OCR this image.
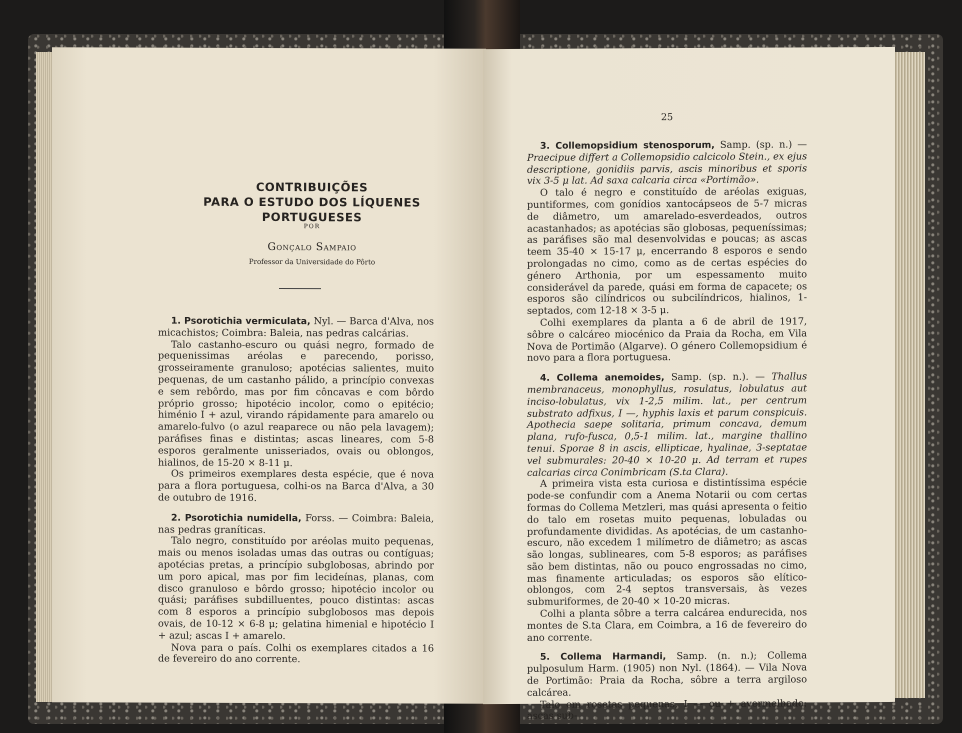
CONTRIBUIÇÕES
PARA O ESTUDO DOS LÍQUENES PORTUGUESES
POR
Gonçalo Sampaio
Professor da Universidade do Pôrto

1. Psorotichia vermiculata, Nyl. — Barca d'Alva, nos micachistos; Coimbra: Baleia, nas pedras calcárias.

Talo castanho-escuro ou quási negro, formado de pequenissimas aréolas e parecendo, porisso, grosseiramente granuloso; apotécias salientes, muito pequenas, de um castanho pálido, a princípio convexas e sem rebôrdo, mas por fim côncavas e com bôrdo próprio grosso; hipotécio incolor, como o epitécio; himénio I + azul, virando rápidamente para amarelo ou amarelo-fulvo (o azul reaparece ou não pela lavagem); paráfises finas e distintas; ascas lineares, com 5-8 esporos geralmente unisseriados, ovais ou oblongos, hialinos, de 15-20 × 8-11 μ.

Os primeiros exemplares desta espécie, que é nova para a flora portuguesa, colhi-os na Barca d'Alva, a 30 de outubro de 1916.

2. Psorotichia numidella, Forss. — Coimbra: Baleia, nas pedras graníticas.

Talo negro, constituído por aréolas muito pequenas, mais ou menos isoladas umas das outras ou contíguas; apotécias pretas, a princípio subglobosas, abrindo por um poro apical, mas por fim lecideínas, planas, com disco granuloso e bôrdo grosso; hipotécio incolor ou quási; paráfises subdilluentes, pouco distintas: ascas com 8 esporos a princípio subglobosos mas depois ovais, de 10-12 × 6-8 μ; gelatina himenial e hipotécio I + azul; ascas I + amarelo.

Nova para o país. Colhi os exemplares citados a 16 de fevereiro do ano corrente.

25

3. Collemopsidium stenosporum, Samp. (sp. n.) — Praecipue differt a Collemopsidio calcicolo Stein., ex ejus descriptione, gonidiis parvis, ascis minoribus et sporis vix 3-5 μ lat. Ad saxa calcaria circa «Portimão».

O talo é negro e constituído de aréolas exiguas, puntiformes, com gonídios xantocápseos de 5-7 micras de diâmetro, um amarelado-esverdeados, outros acastanhados; as apotécias são globosas, pequeníssimas; as paráfises são mal desenvolvidas e poucas; as ascas teem 35-40 × 15-17 μ, encerrando 8 esporos e sendo prolongadas no cimo, como as de certas espécies do género Arthonia, por um espessamento muito considerável da parede, quási em forma de capacete; os esporos são cilíndricos ou subcilíndricos, hialinos, 1-septados, com 12-18 × 3-5 μ.

Colhi exemplares da planta a 6 de abril de 1917, sôbre o calcáreo miocénico da Praia da Rocha, em Vila Nova de Portimão (Algarve). O género Collemopsidium é novo para a flora portuguesa.

4. Collema anemoides, Samp. (sp. n.). — Thallus membranaceus, monophyllus, rosulatus, lobulatus aut inciso-lobulatus, vix 1-2,5 milim. lat., per centrum substrato adfixus, I —, hyphis laxis et parum conspicuis. Apothecia saepe solitaria, primum concava, demum plana, rufo-fusca, 0,5-1 milim. lat., margine thallino tenui. Sporae 8 in ascis, ellipticae, hyalinae, 3-septatae vel submurales: 20-40 × 10-20 μ. Ad terram et rupes calcarias circa Conimbricam (S.ta Clara).

A primeira vista esta curiosa e distintíssima espécie pode-se confundir com a Anema Notarii ou com certas formas do Collema Metzleri, mas quási apresenta o feitio do talo em rosetas muito pequenas, lobuladas ou profundamente divididas. As apotécias, de um castanho-escuro, não excedem 1 milímetro de diâmetro; as ascas são longas, sublineares, com 5-8 esporos; as paráfises são bem distintas, não ou pouco engrossadas no cimo, mas finamente articuladas; os esporos são elítico-oblongos, com 2-4 septos transversais, às vezes submuriformes, de 20-40 × 10-20 micras.

Colhi a planta sôbre a terra calcárea endurecida, nos montes de S.ta Clara, em Coimbra, a 16 de fevereiro do ano corrente.

5. Collema Harmandi, Samp. (n. n.); Collema pulposulum Harm. (1905) non Nyl. (1864). — Vila Nova de Portimão: Praia da Rocha, sôbre a terra argiloso calcárea.

Talo em rosetas pequenas, I — ou + avermelhado; ascas sub-
